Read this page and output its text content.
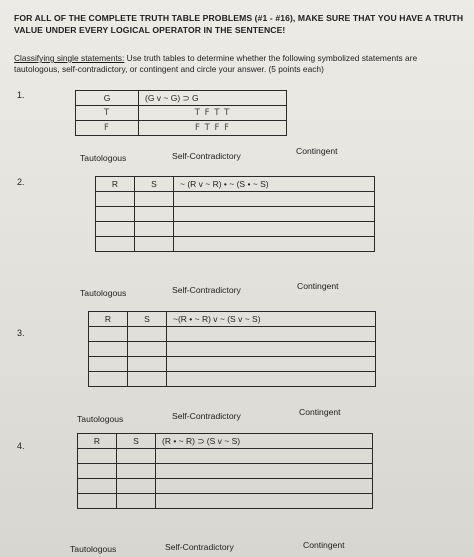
FOR ALL OF THE COMPLETE TRUTH TABLE PROBLEMS (#1 - #16), MAKE SURE THAT YOU HAVE A TRUTH VALUE UNDER EVERY LOGICAL OPERATOR IN THE SENTENCE!
Classifying single statements: Use truth tables to determine whether the following symbolized statements are
tautologous, self-contradictory, or contingent and circle your answer. (5 points each)
1.	G	(G v ~ G) ⊃ G
T	T F T T
F	F T F F
Tautologous	Self-Contradictory	Contingent
2.	R	S	~ (R v ~ R) • ~ (S • ~ S)

Tautologous	Self-Contradictory	Contingent
3.
R	S	~(R • ~ R) v ~ (S v ~ S)

Tautologous	Self-Contradictory	Contingent
4.	R	S	(R • ~ R) ⊃ (S v ~ S)

Tautologous	Self-Contradictory	Contingent
